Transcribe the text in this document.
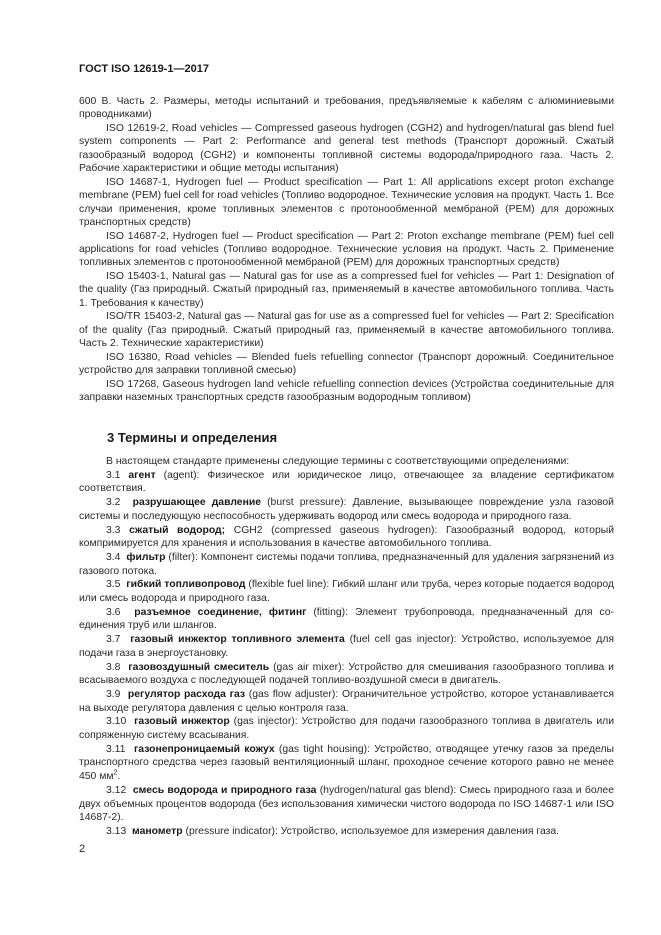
ГОСТ ISO 12619-1—2017

600 В. Часть 2. Размеры, методы испытаний и требования, предъявляемые к кабелям с алюминиевыми проводниками)

ISO 12619-2, Road vehicles — Compressed gaseous hydrogen (CGH2) and hydrogen/natural gas blend fuel system components — Part 2: Performance and general test methods (Транспорт дорожный. Сжатый газообразный водород (CGH2) и компоненты топливной системы водорода/природного газа. Часть 2. Рабочие характеристики и общие методы испытания)

ISO 14687-1, Hydrogen fuel — Product specification — Part 1: All applications except proton exchange membrane (PEM) fuel cell for road vehicles (Топливо водородное. Технические условия на продукт. Часть 1. Все случаи применения, кроме топливных элементов с протонообменной мембраной (PEM) для дорожных транспортных средств)

ISO 14687-2, Hydrogen fuel — Product specification — Part 2: Proton exchange membrane (PEM) fuel cell applications for road vehicles (Топливо водородное. Технические условия на продукт. Часть 2. Применение топливных элементов с протонообменной мембраной (PEM) для дорожных транспортных средств)

ISO 15403-1, Natural gas — Natural gas for use as a compressed fuel for vehicles — Part 1: Designation of the quality (Газ природный. Сжатый природный газ, применяемый в качестве автомобильного топлива. Часть 1. Требования к качеству)

ISO/TR 15403-2, Natural gas — Natural gas for use as a compressed fuel for vehicles — Part 2: Specification of the quality (Газ природный. Сжатый природный газ, применяемый в качестве автомобильного топлива. Часть 2. Технические характеристики)

ISO 16380, Road vehicles — Blended fuels refuelling connector (Транспорт дорожный. Соединительное устройство для заправки топливной смесью)

ISO 17268, Gaseous hydrogen land vehicle refuelling connection devices (Устройства соединительные для заправки наземных транспортных средств газообразным водородным топливом)

3 Термины и определения

В настоящем стандарте применены следующие термины с соответствующими определениями:

3.1 агент (agent): Физическое или юридическое лицо, отвечающее за владение сертификатом соответствия.

3.2 разрушающее давление (burst pressure): Давление, вызывающее повреждение узла газовой системы и последующую неспособность удерживать водород или смесь водорода и природного газа.

3.3 сжатый водород; CGH2 (compressed gaseous hydrogen): Газообразный водород, который компримируется для хранения и использования в качестве автомобильного топлива.

3.4 фильтр (filter): Компонент системы подачи топлива, предназначенный для удаления загрязнений из газового потока.

3.5 гибкий топливопровод (flexible fuel line): Гибкий шланг или труба, через которые подается водород или смесь водорода и природного газа.

3.6 разъемное соединение, фитинг (fitting): Элемент трубопровода, предназначенный для соединения труб или шлангов.

3.7 газовый инжектор топливного элемента (fuel cell gas injector): Устройство, используемое для подачи газа в энергоустановку.

3.8 газовоздушный смеситель (gas air mixer): Устройство для смешивания газообразного топлива и всасываемого воздуха с последующей подачей топливо-воздушной смеси в двигатель.

3.9 регулятор расхода газ (gas flow adjuster): Ограничительное устройство, которое устанавливается на выходе регулятора давления с целью контроля газа.

3.10 газовый инжектор (gas injector): Устройство для подачи газообразного топлива в двигатель или сопряженную систему всасывания.

3.11 газонепроницаемый кожух (gas tight housing): Устройство, отводящее утечку газов за пределы транспортного средства через газовый вентиляционный шланг, проходное сечение которого равно не менее 450 $мм^2$.

3.12 смесь водорода и природного газа (hydrogen/natural gas blend): Смесь природного газа и более двух объемных процентов водорода (без использования химически чистого водорода по ISO 14687-1 или ISO 14687-2).

3.13 манометр (pressure indicator): Устройство, используемое для измерения давления газа.

2
